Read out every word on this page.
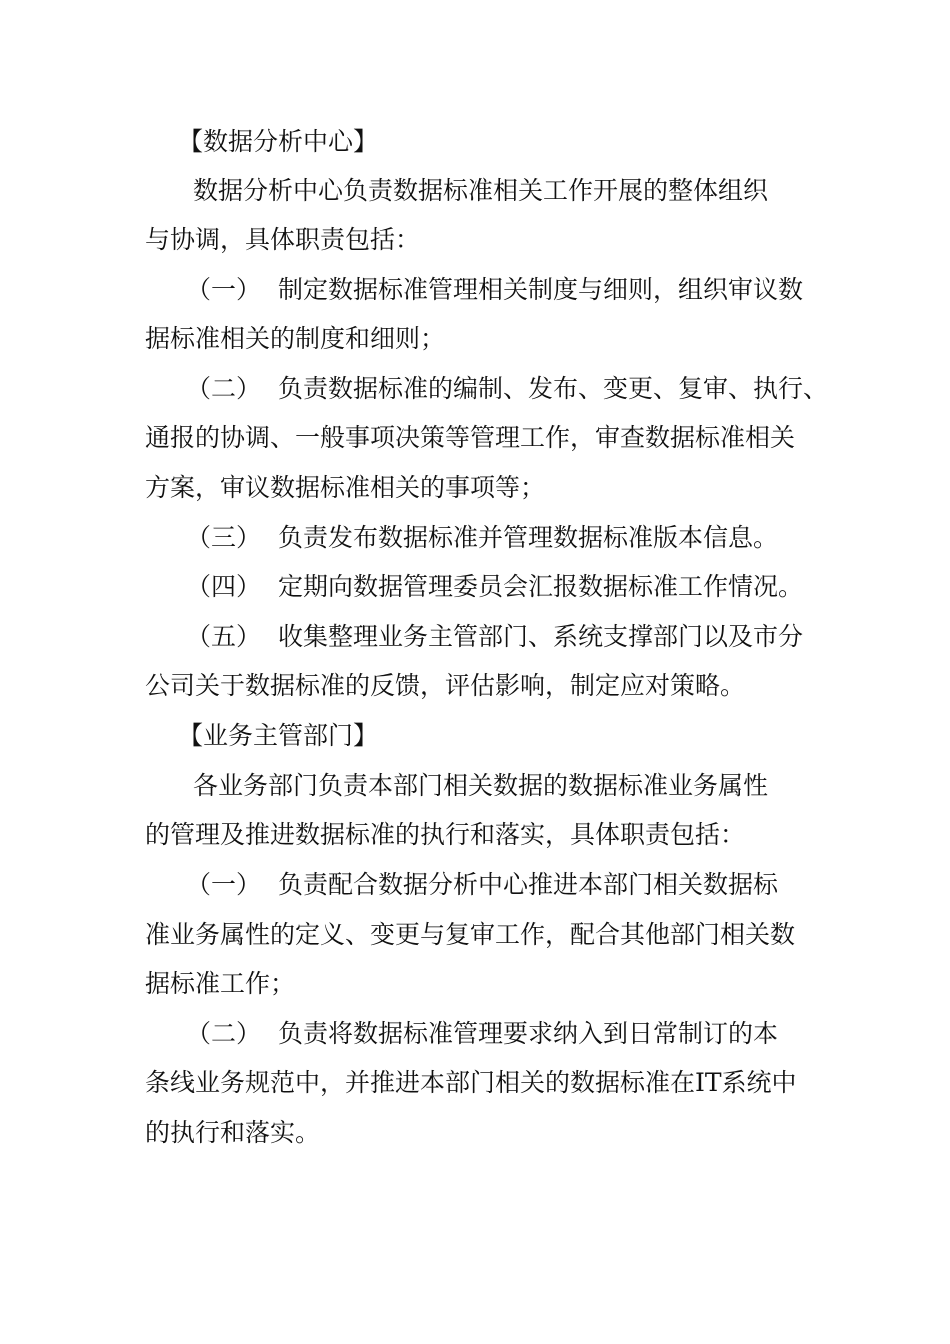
【数据分析中心】
数据分析中心负责数据标准相关工作开展的整体组织
与协调，具体职责包括：
（一） 制定数据标准管理相关制度与细则，组织审议数
据标准相关的制度和细则；
（二） 负责数据标准的编制、发布、变更、复审、执行、
通报的协调、一般事项决策等管理工作，审查数据标准相关
方案，审议数据标准相关的事项等；
（三） 负责发布数据标准并管理数据标准版本信息。
（四） 定期向数据管理委员会汇报数据标准工作情况。
（五） 收集整理业务主管部门、系统支撑部门以及市分
公司关于数据标准的反馈，评估影响，制定应对策略。
【业务主管部门】
各业务部门负责本部门相关数据的数据标准业务属性
的管理及推进数据标准的执行和落实，具体职责包括：
（一） 负责配合数据分析中心推进本部门相关数据标
准业务属性的定义、变更与复审工作，配合其他部门相关数
据标准工作；
（二） 负责将数据标准管理要求纳入到日常制订的本
条线业务规范中，并推进本部门相关的数据标准在IT系统中
的执行和落实。
